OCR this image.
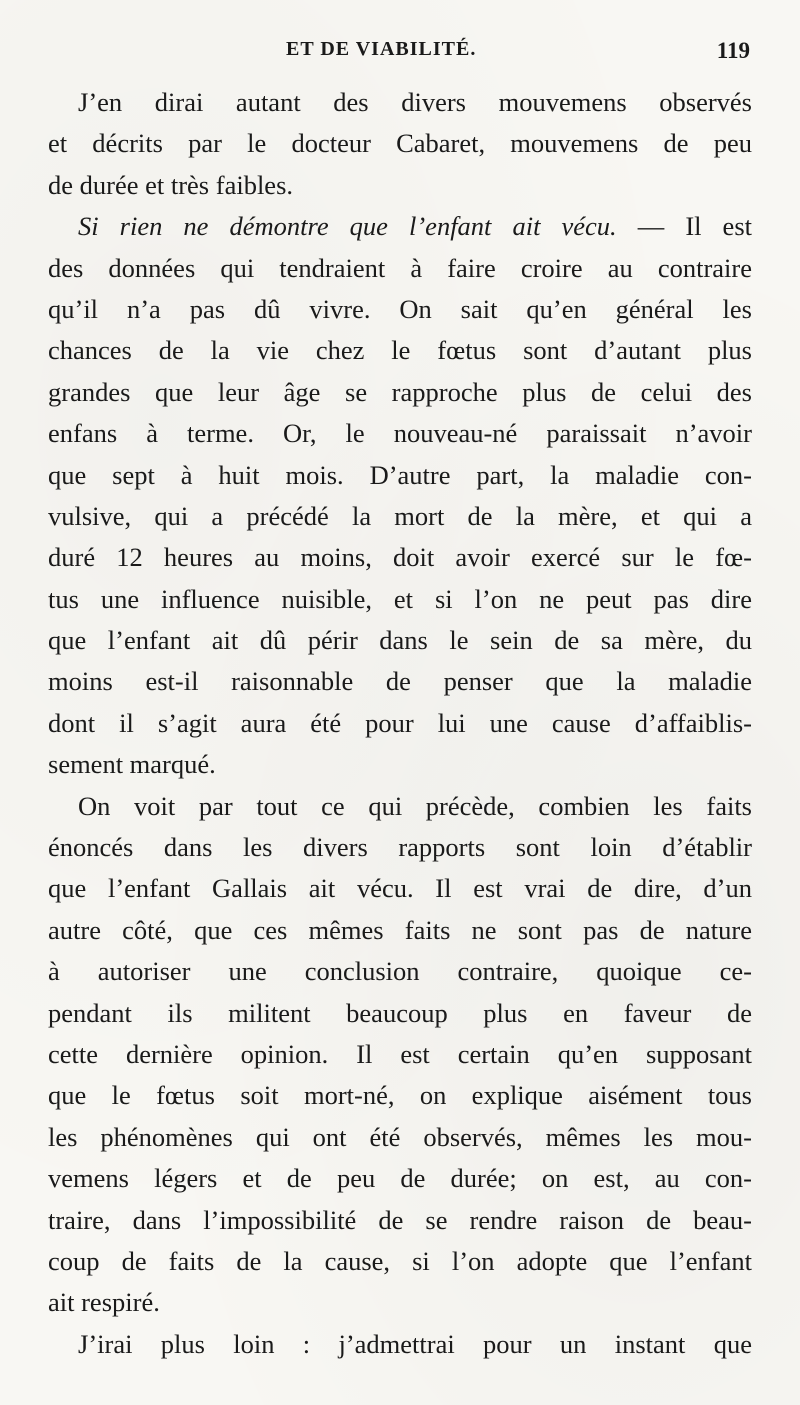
ET DE VIABILITÉ.	119
J’en dirai autant des divers mouvemens observés
et décrits par le docteur Cabaret, mouvemens de peu
de durée et très faibles.
Si rien ne démontre que l’enfant ait vécu. — Il est
des données qui tendraient à faire croire au contraire
qu’il n’a pas dû vivre. On sait qu’en général les
chances de la vie chez le fœtus sont d’autant plus
grandes que leur âge se rapproche plus de celui des
enfans à terme. Or, le nouveau-né paraissait n’avoir
que sept à huit mois. D’autre part, la maladie con-
vulsive, qui a précédé la mort de la mère, et qui a
duré 12 heures au moins, doit avoir exercé sur le fœ-
tus une influence nuisible, et si l’on ne peut pas dire
que l’enfant ait dû périr dans le sein de sa mère, du
moins est-il raisonnable de penser que la maladie
dont il s’agit aura été pour lui une cause d’affaiblis-
sement marqué.
On voit par tout ce qui précède, combien les faits
énoncés dans les divers rapports sont loin d’établir
que l’enfant Gallais ait vécu. Il est vrai de dire, d’un
autre côté, que ces mêmes faits ne sont pas de nature
à autoriser une conclusion contraire, quoique ce-
pendant ils militent beaucoup plus en faveur de
cette dernière opinion. Il est certain qu’en supposant
que le fœtus soit mort-né, on explique aisément tous
les phénomènes qui ont été observés, mêmes les mou-
vemens légers et de peu de durée; on est, au con-
traire, dans l’impossibilité de se rendre raison de beau-
coup de faits de la cause, si l’on adopte que l’enfant
ait respiré.
J’irai plus loin : j’admettrai pour un instant que
